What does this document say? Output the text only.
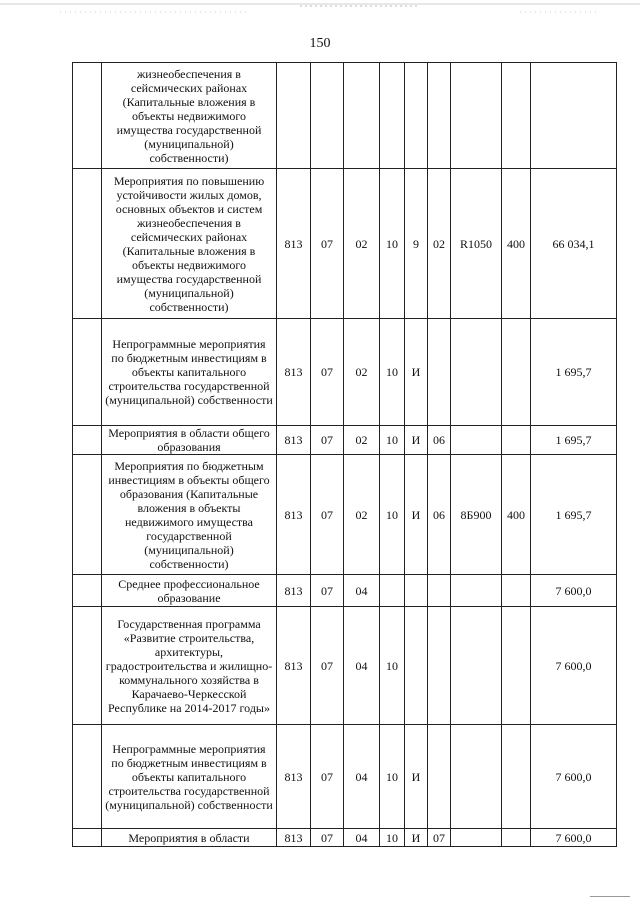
150
	жизнеобеспечения в сейсмических районах (Капитальные вложения в объекты недвижимого имущества государственной (муниципальной) собственности)									
	Мероприятия по повышению устойчивости жилых домов, основных объектов и систем жизнеобеспечения в сейсмических районах (Капитальные вложения в объекты недвижимого имущества государственной (муниципальной) собственности)	813	07	02	10	9	02	R1050	400	66 034,1
	Непрограммные мероприятия по бюджетным инвестициям в объекты капитального строительства государственной (муниципальной) собственности	813	07	02	10	И				1 695,7
	Мероприятия в области общего образования	813	07	02	10	И	06			1 695,7
	Мероприятия по бюджетным инвестициям в объекты общего образования (Капитальные вложения в объекты недвижимого имущества государственной (муниципальной) собственности)	813	07	02	10	И	06	8Б900	400	1 695,7
	Среднее профессиональное образование	813	07	04						7 600,0
	Государственная программа «Развитие строительства, архитектуры, градостроительства и жилищно-коммунального хозяйства в Карачаево-Черкесской Республике на 2014-2017 годы»	813	07	04	10					7 600,0
	Непрограммные мероприятия по бюджетным инвестициям в объекты капитального строительства государственной (муниципальной) собственности	813	07	04	10	И				7 600,0
	Мероприятия в области	813	07	04	10	И	07			7 600,0
